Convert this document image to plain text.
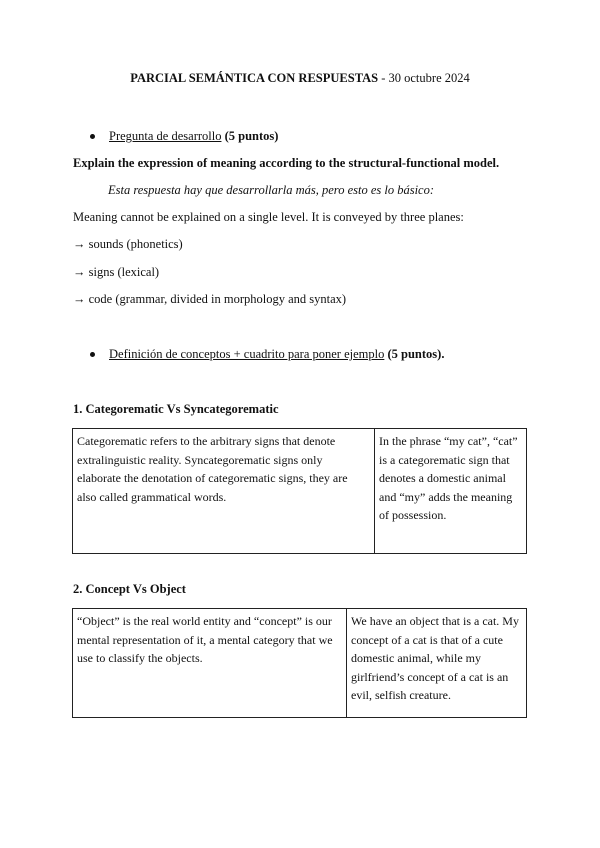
PARCIAL SEMÁNTICA CON RESPUESTAS - 30 octubre 2024
Pregunta de desarrollo (5 puntos)
Explain the expression of meaning according to the structural-functional model.
Esta respuesta hay que desarrollarla más, pero esto es lo básico:
Meaning cannot be explained on a single level. It is conveyed by three planes:
→ sounds (phonetics)
→ signs (lexical)
→ code (grammar, divided in morphology and syntax)
Definición de conceptos + cuadrito para poner ejemplo (5 puntos).
1. Categorematic Vs Syncategorematic
Categorematic refers to the arbitrary signs that denote extralinguistic reality. Syncategorematic signs only elaborate the denotation of categorematic signs, they are also called grammatical words.	In the phrase “my cat”, “cat” is a categorematic sign that denotes a domestic animal and “my” adds the meaning of possession.
2. Concept Vs Object
“Object” is the real world entity and “concept” is our mental representation of it, a mental category that we use to classify the objects.	We have an object that is a cat. My concept of a cat is that of a cute domestic animal, while my girlfriend’s concept of a cat is an evil, selfish creature.
